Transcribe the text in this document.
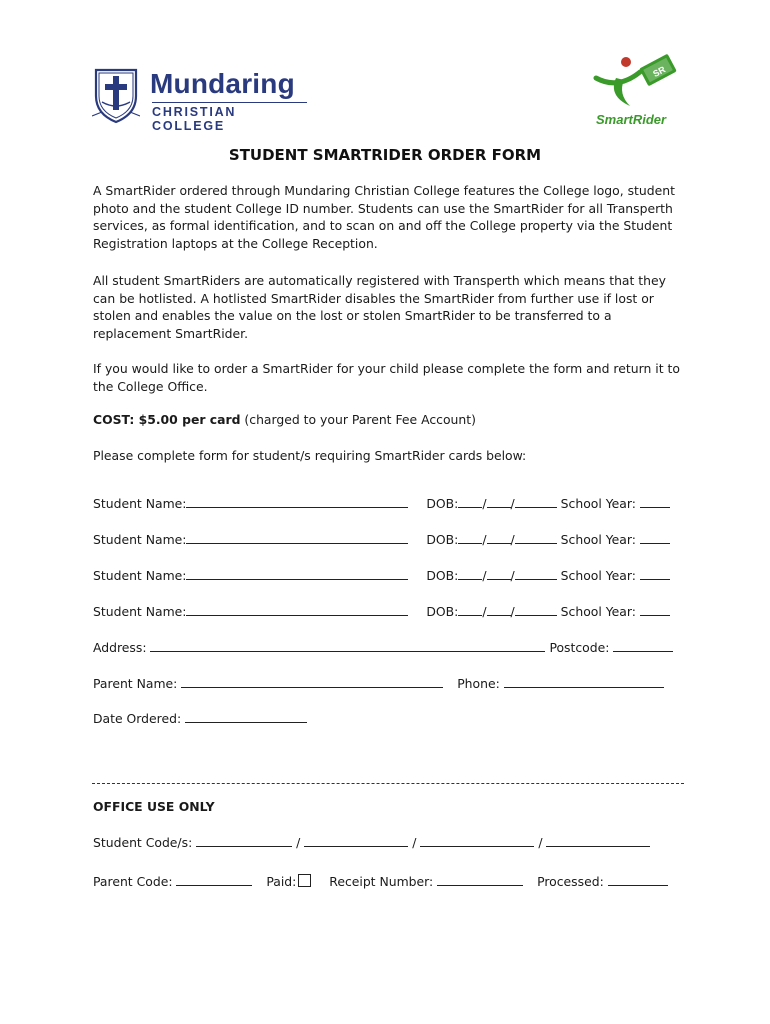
Mundaring
CHRISTIAN COLLEGE
SR
SmartRider
STUDENT SMARTRIDER ORDER FORM
A SmartRider ordered through Mundaring Christian College features the College logo, student photo and the student College ID number. Students can use the SmartRider for all Transperth services, as formal identification, and to scan on and off the College property via the Student Registration laptops at the College Reception.
All student SmartRiders are automatically registered with Transperth which means that they can be hotlisted. A hotlisted SmartRider disables the SmartRider from further use if lost or stolen and enables the value on the lost or stolen SmartRider to be transferred to a replacement SmartRider.
If you would like to order a SmartRider for your child please complete the form and return it to the College Office.
COST: $5.00 per card (charged to your Parent Fee Account)
Please complete form for student/s requiring SmartRider cards below:
Student Name:	DOB: / /	School Year:
Student Name:	DOB: / /	School Year:
Student Name:	DOB: / /	School Year:
Student Name:	DOB: / /	School Year:
Address:	Postcode:
Parent Name:	Phone:
Date Ordered:
OFFICE USE ONLY
Student Code/s:	/	/	/
Parent Code:	Paid:	Receipt Number:	Processed:
